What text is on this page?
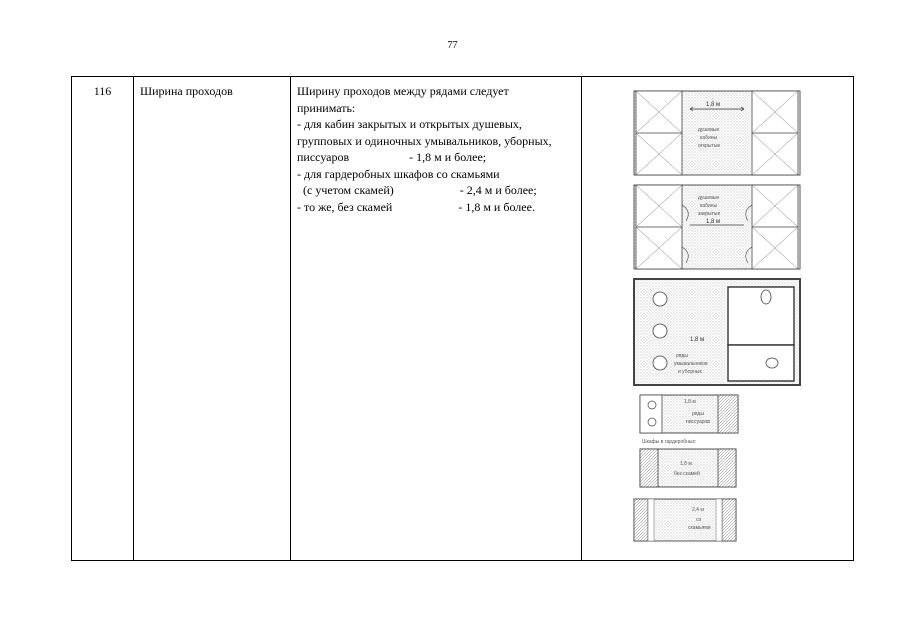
77
116	Ширина проходов	Ширину проходов между рядами следует
принимать:
- для кабин закрытых и открытых душевых,
групповых и одиночных умывальников, уборных,
писсуаров                    - 1,8 м и более;
- для гардеробных шкафов со скамьями
(с учетом скамей)                      - 2,4 м и более;
- то же, без скамей                      - 1,8 м и более.

1,8 м
душевые
кабины
открытые
душевые
кабины
закрытые
1,8 м
1,8 м
ряды
умывальников
и уборных
1,8 м
ряды
писсуаров
Шкафы в гардеробных:
1,8 м
без скамей
2,4 м
со
скамьями
